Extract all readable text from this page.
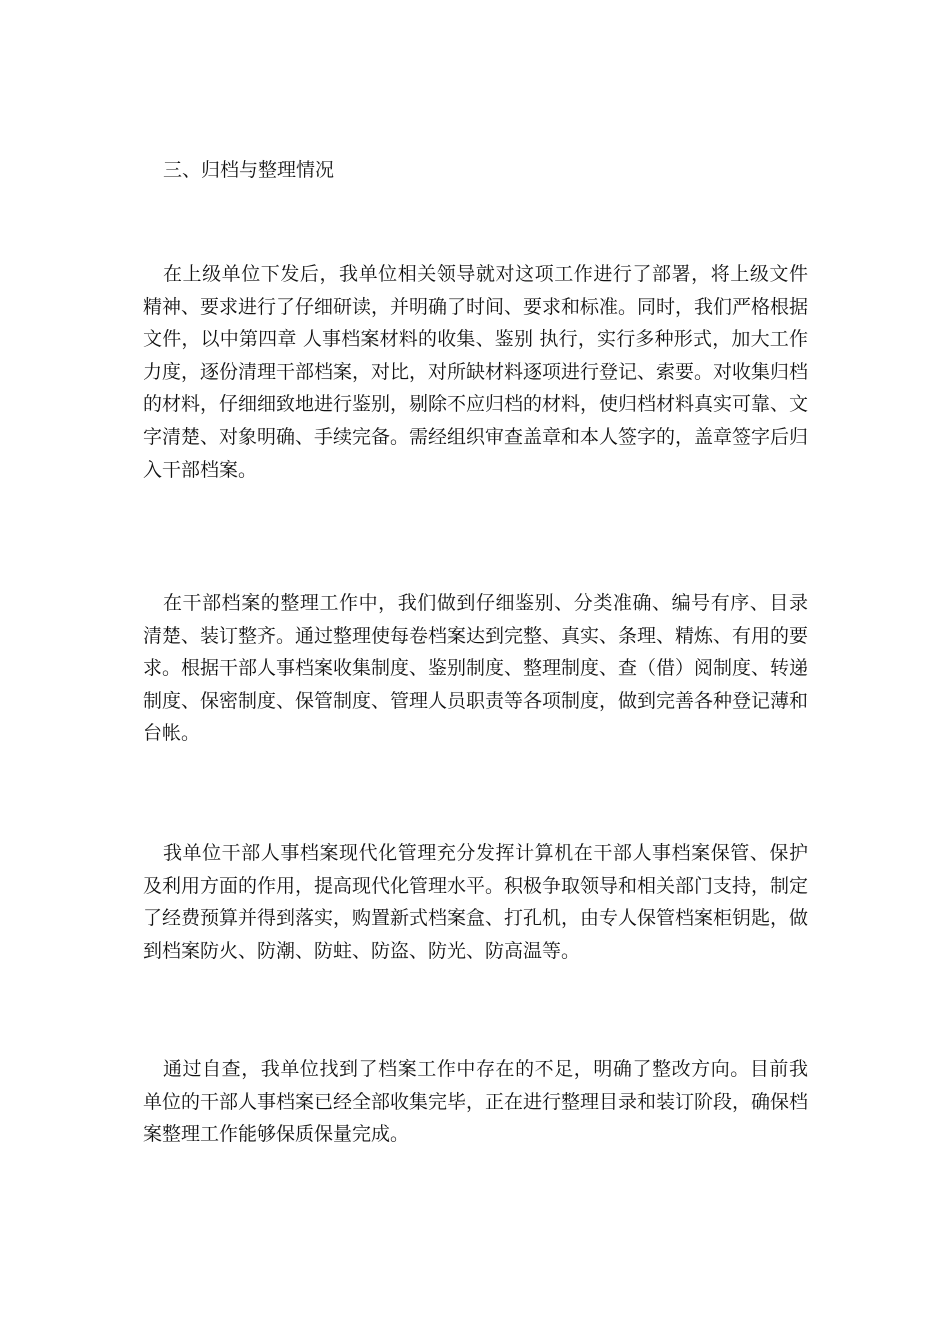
三、归档与整理情况

在上级单位下发后，我单位相关领导就对这项工作进行了部署，将上级文件精神、要求进行了仔细研读，并明确了时间、要求和标准。同时，我们严格根据文件，以中第四章 人事档案材料的收集、鉴别 执行，实行多种形式，加大工作力度，逐份清理干部档案，对比，对所缺材料逐项进行登记、索要。对收集归档的材料，仔细细致地进行鉴别，剔除不应归档的材料，使归档材料真实可靠、文字清楚、对象明确、手续完备。需经组织审查盖章和本人签字的，盖章签字后归入干部档案。

在干部档案的整理工作中，我们做到仔细鉴别、分类准确、编号有序、目录清楚、装订整齐。通过整理使每卷档案达到完整、真实、条理、精炼、有用的要求。根据干部人事档案收集制度、鉴别制度、整理制度、查（借）阅制度、转递制度、保密制度、保管制度、管理人员职责等各项制度，做到完善各种登记薄和台帐。

我单位干部人事档案现代化管理充分发挥计算机在干部人事档案保管、保护及利用方面的作用，提高现代化管理水平。积极争取领导和相关部门支持，制定了经费预算并得到落实，购置新式档案盒、打孔机，由专人保管档案柜钥匙，做到档案防火、防潮、防蛀、防盗、防光、防高温等。

通过自查，我单位找到了档案工作中存在的不足，明确了整改方向。目前我单位的干部人事档案已经全部收集完毕，正在进行整理目录和装订阶段，确保档案整理工作能够保质保量完成。
